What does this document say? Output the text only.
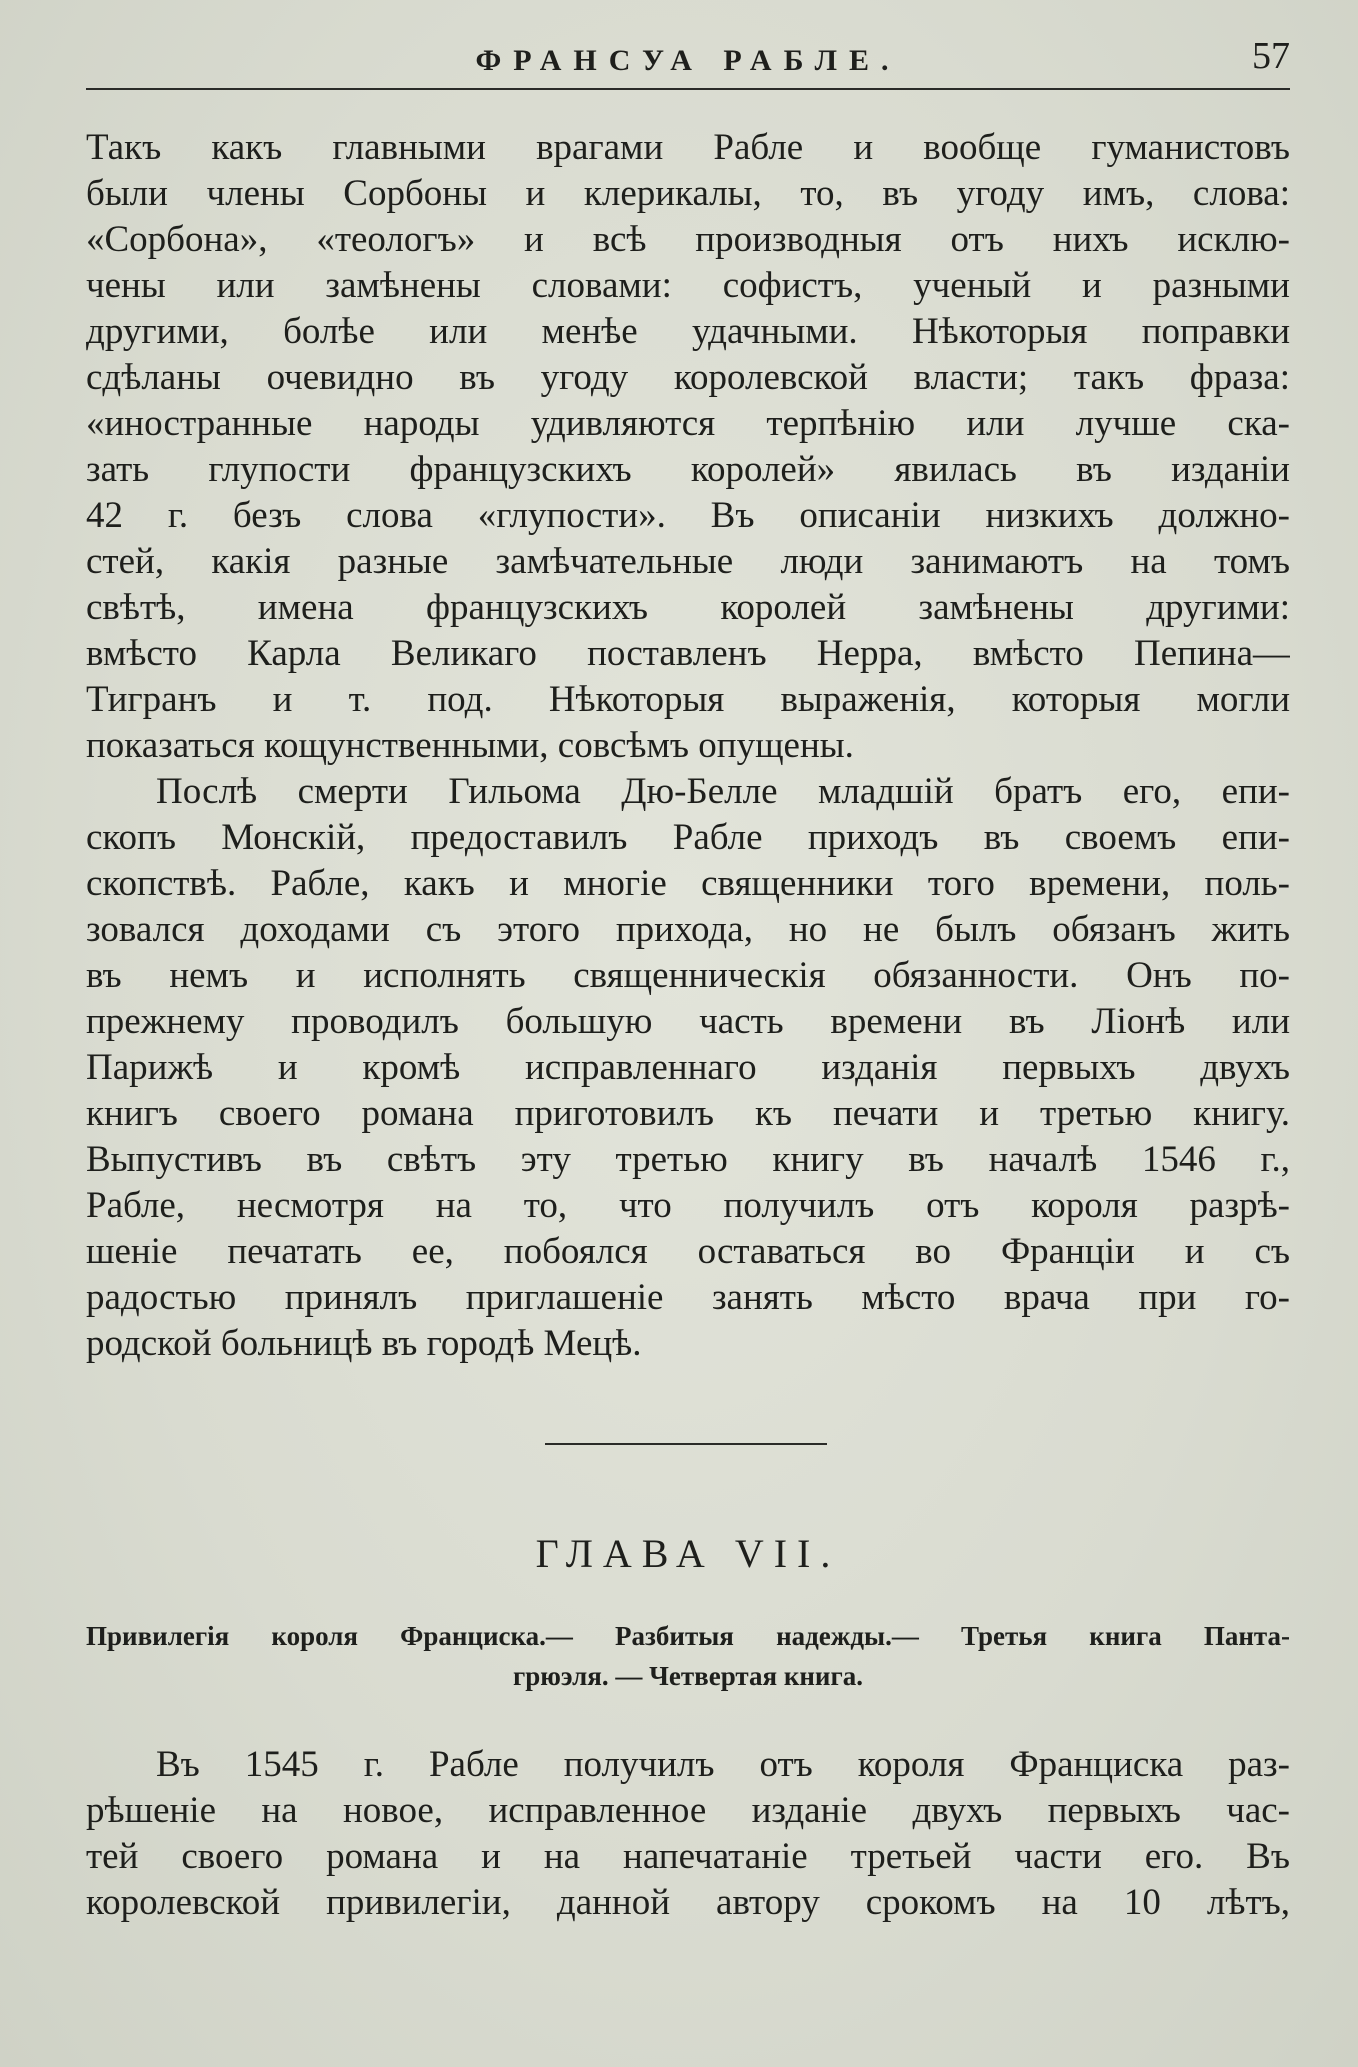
ФРАНСУА РАБЛЕ.	57
Такъ какъ главными врагами Рабле и вообще гуманистовъ
были члены Сорбоны и клерикалы, то, въ угоду имъ, слова:
«Сорбона», «теологъ» и всѣ производныя отъ нихъ исклю-
чены или замѣнены словами: софистъ, ученый и разными
другими, болѣе или менѣе удачными. Нѣкоторыя поправки
сдѣланы очевидно въ угоду королевской власти; такъ фраза:
«иностранные народы удивляются терпѣнію или лучше ска-
зать глупости французскихъ королей» явилась въ изданіи
42 г. безъ слова «глупости». Въ описаніи низкихъ должно-
стей, какія разные замѣчательные люди занимаютъ на томъ
свѣтѣ, имена французскихъ королей замѣнены другими:
вмѣсто Карла Великаго поставленъ Нерра, вмѣсто Пепина—
Тигранъ и т. под. Нѣкоторыя выраженія, которыя могли
показаться кощунственными, совсѣмъ опущены.
Послѣ смерти Гильома Дю-Белле младшій братъ его, епи-
скопъ Монскій, предоставилъ Рабле приходъ въ своемъ епи-
скопствѣ. Рабле, какъ и многіе священники того времени, поль-
зовался доходами съ этого прихода, но не былъ обязанъ жить
въ немъ и исполнять священническія обязанности. Онъ по-
прежнему проводилъ большую часть времени въ Ліонѣ или
Парижѣ и кромѣ исправленнаго изданія первыхъ двухъ
книгъ своего романа приготовилъ къ печати и третью книгу.
Выпустивъ въ свѣтъ эту третью книгу въ началѣ 1546 г.,
Рабле, несмотря на то, что получилъ отъ короля разрѣ-
шеніе печатать ее, побоялся оставаться во Франціи и съ
радостью принялъ приглашеніе занять мѣсто врача при го-
родской больницѣ въ городѣ Мецѣ.
ГЛАВА VII.
Привилегія короля Франциска.— Разбитыя надежды.— Третья книга Панта-
грюэля. — Четвертая книга.
Въ 1545 г. Рабле получилъ отъ короля Франциска раз-
рѣшеніе на новое, исправленное изданіе двухъ первыхъ час-
тей своего романа и на напечатаніе третьей части его. Въ
королевской привилегіи, данной автору срокомъ на 10 лѣтъ,
